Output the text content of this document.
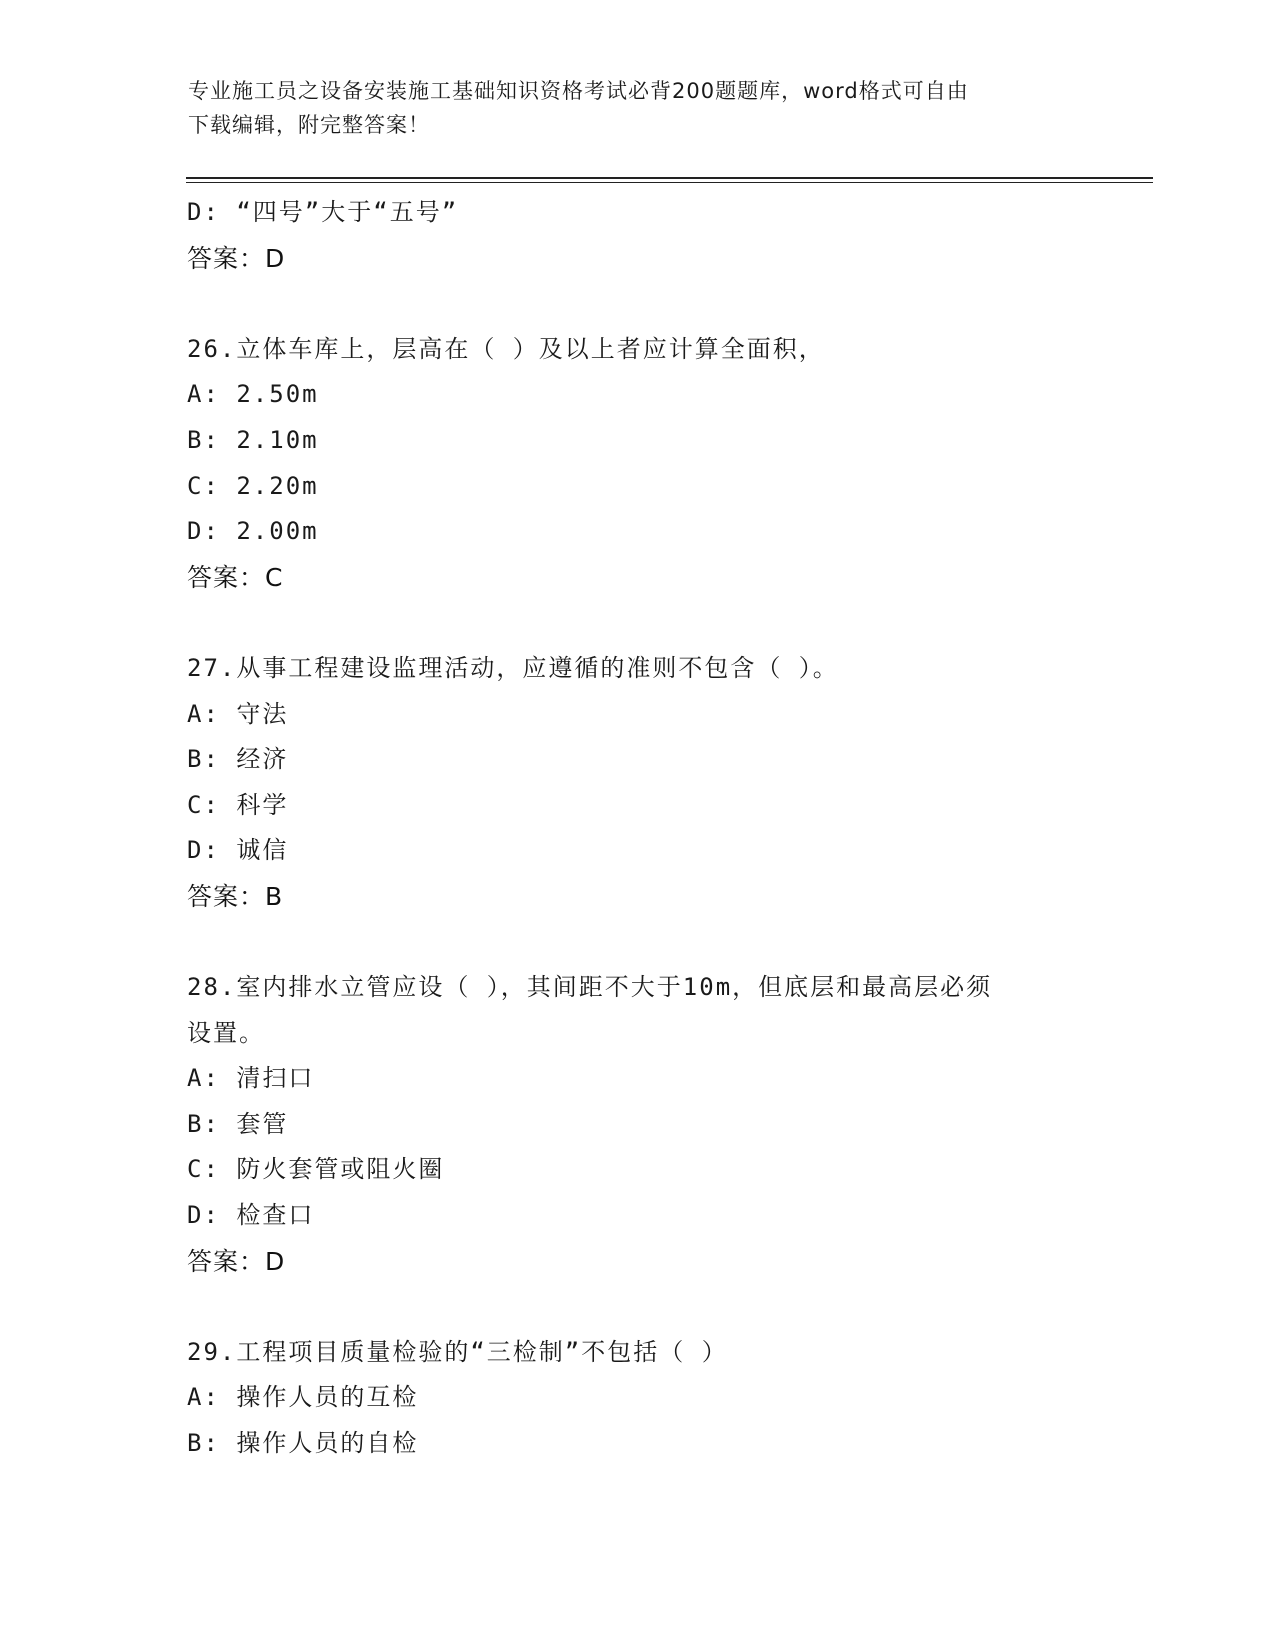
专业施工员之设备安装施工基础知识资格考试必背200题题库，word格式可自由
下载编辑，附完整答案！
D: “四号”大于“五号”
答案：D
26.立体车库上，层高在（ ）及以上者应计算全面积，
A: 2.50m
B: 2.10m
C: 2.20m
D: 2.00m
答案：C
27.从事工程建设监理活动，应遵循的准则不包含（ ）。
A: 守法
B: 经济
C: 科学
D: 诚信
答案：B
28.室内排水立管应设（ ），其间距不大于10m，但底层和最高层必须
设置。
A: 清扫口
B: 套管
C: 防火套管或阻火圈
D: 检查口
答案：D
29.工程项目质量检验的“三检制”不包括（ ）
A: 操作人员的互检
B: 操作人员的自检
